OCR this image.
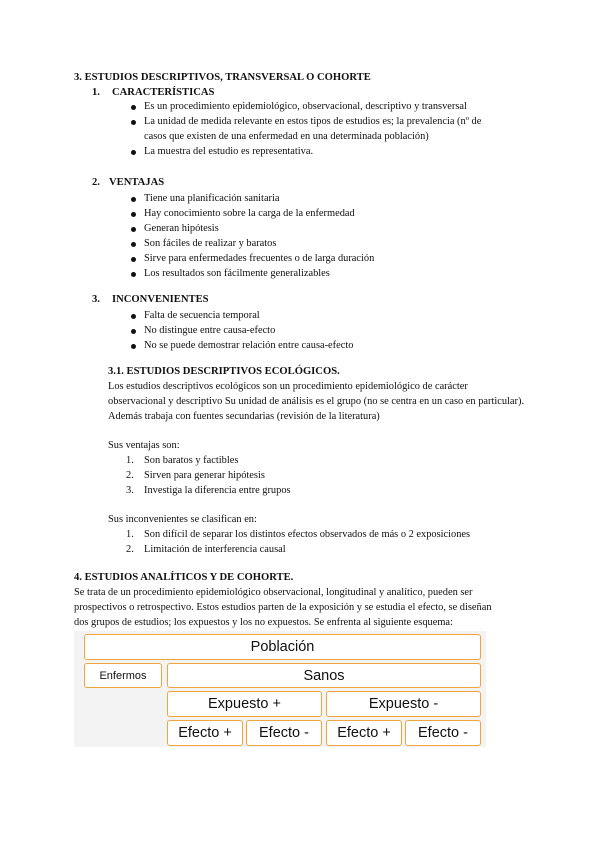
3. ESTUDIOS DESCRIPTIVOS, TRANSVERSAL O COHORTE
1. CARACTERÍSTICAS
Es un procedimiento epidemiológico, observacional, descriptivo y transversal
La unidad de medida relevante en estos tipos de estudios es; la prevalencia (nº de
casos que existen de una enfermedad en una determinada población)
La muestra del estudio es representativa.
2. VENTAJAS
Tiene una planificación sanitaria
Hay conocimiento sobre la carga de la enfermedad
Generan hipótesis
Son fáciles de realizar y baratos
Sirve para enfermedades frecuentes o de larga duración
Los resultados son fácilmente generalizables
3. INCONVENIENTES
Falta de secuencia temporal
No distingue entre causa-efecto
No se puede demostrar relación entre causa-efecto
3.1. ESTUDIOS DESCRIPTIVOS ECOLÓGICOS.
Los estudios descriptivos ecológicos son un procedimiento epidemiológico de carácter observacional y descriptivo Su unidad de análisis es el grupo (no se centra en un caso en particular). Además trabaja con fuentes secundarias (revisión de la literatura)
Sus ventajas son:
1. Son baratos y factibles
2. Sirven para generar hipótesis
3. Investiga la diferencia entre grupos
Sus inconvenientes se clasifican en:
1. Son difícil de separar los distintos efectos observados de más o 2 exposiciones
2. Limitación de interferencia causal
4. ESTUDIOS ANALÍTICOS Y DE COHORTE.
Se trata de un procedimiento epidemiológico observacional, longitudinal y analítico, pueden ser prospectivos o retrospectivo. Estos estudios parten de la exposición y se estudia el efecto, se diseñan dos grupos de estudios; los expuestos y los no expuestos. Se enfrenta al siguiente esquema:
Población
Enfermos	Sanos
Expuesto +	Expuesto -
Efecto +	Efecto -	Efecto +	Efecto -
